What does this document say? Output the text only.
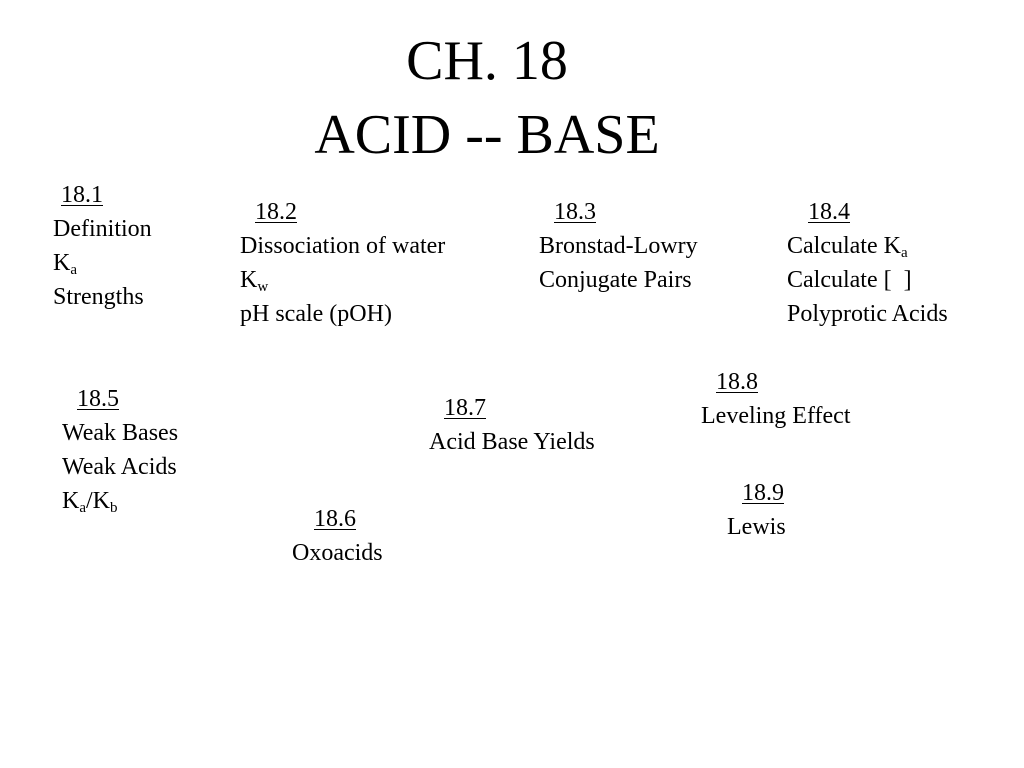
CH. 18
ACID -- BASE
18.1
Definition
$K_a$
Strengths
18.2
Dissociation of water
$K_w$
pH scale (pOH)
18.3
Bronstad-Lowry
Conjugate Pairs
18.4
Calculate $K_a$
Calculate [  ]
Polyprotic Acids
18.5
Weak Bases
Weak Acids
$K_a/K_b$	18.6
Oxoacids
18.7
Acid Base Yields
18.8
Leveling Effect
18.9
Lewis
